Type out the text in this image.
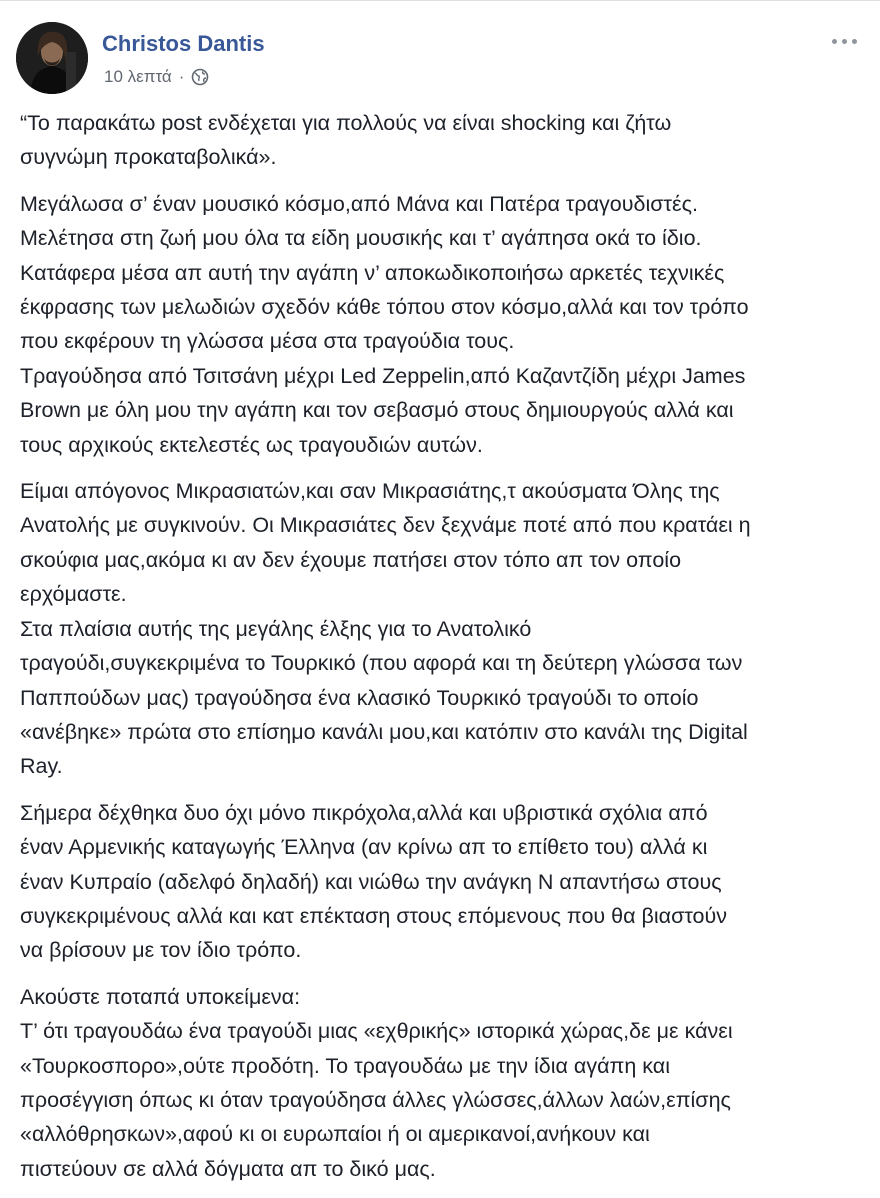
Christos Dantis
10 λεπτά ·

“Το παρακάτω post ενδέχεται για πολλούς να είναι shocking και ζήτω
συγνώμη προκαταβολικά».

Μεγάλωσα σ’ έναν μουσικό κόσμο,από Μάνα και Πατέρα τραγουδιστές.
Μελέτησα στη ζωή μου όλα τα είδη μουσικής και τ’ αγάπησα οκά το ίδιο.
Κατάφερα μέσα απ αυτή την αγάπη ν’ αποκωδικοποιήσω αρκετές τεχνικές
έκφρασης των μελωδιών σχεδόν κάθε τόπου στον κόσμο,αλλά και τον τρόπο
που εκφέρουν τη γλώσσα μέσα στα τραγούδια τους.
Τραγούδησα από Τσιτσάνη μέχρι Led Zeppelin,από Καζαντζίδη μέχρι James
Brown με όλη μου την αγάπη και τον σεβασμό στους δημιουργούς αλλά και
τους αρχικούς εκτελεστές ως τραγουδιών αυτών.

Είμαι απόγονος Μικρασιατών,και σαν Μικρασιάτης,τ ακούσματα Όλης της
Ανατολής με συγκινούν. Οι Μικρασιάτες δεν ξεχνάμε ποτέ από που κρατάει η
σκούφια μας,ακόμα κι αν δεν έχουμε πατήσει στον τόπο απ τον οποίο
ερχόμαστε.
Στα πλαίσια αυτής της μεγάλης έλξης για το Ανατολικό
τραγούδι,συγκεκριμένα το Τουρκικό (που αφορά και τη δεύτερη γλώσσα των
Παππούδων μας) τραγούδησα ένα κλασικό Τουρκικό τραγούδι το οποίο
«ανέβηκε» πρώτα στο επίσημο κανάλι μου,και κατόπιν στο κανάλι της Digital
Ray.

Σήμερα δέχθηκα δυο όχι μόνο πικρόχολα,αλλά και υβριστικά σχόλια από
έναν Αρμενικής καταγωγής Έλληνα (αν κρίνω απ το επίθετο του) αλλά κι
έναν Κυπραίο (αδελφό δηλαδή) και νιώθω την ανάγκη Ν απαντήσω στους
συγκεκριμένους αλλά και κατ επέκταση στους επόμενους που θα βιαστούν
να βρίσουν με τον ίδιο τρόπο.

Ακούστε ποταπά υποκείμενα:
Τ’ ότι τραγουδάω ένα τραγούδι μιας «εχθρικής» ιστορικά χώρας,δε με κάνει
«Τουρκοσπορο»,ούτε προδότη. Το τραγουδάω με την ίδια αγάπη και
προσέγγιση όπως κι όταν τραγούδησα άλλες γλώσσες,άλλων λαών,επίσης
«αλλόθρησκων»,αφού κι οι ευρωπαίοι ή οι αμερικανοί,ανήκουν και
πιστεύουν σε αλλά δόγματα απ το δικό μας.
